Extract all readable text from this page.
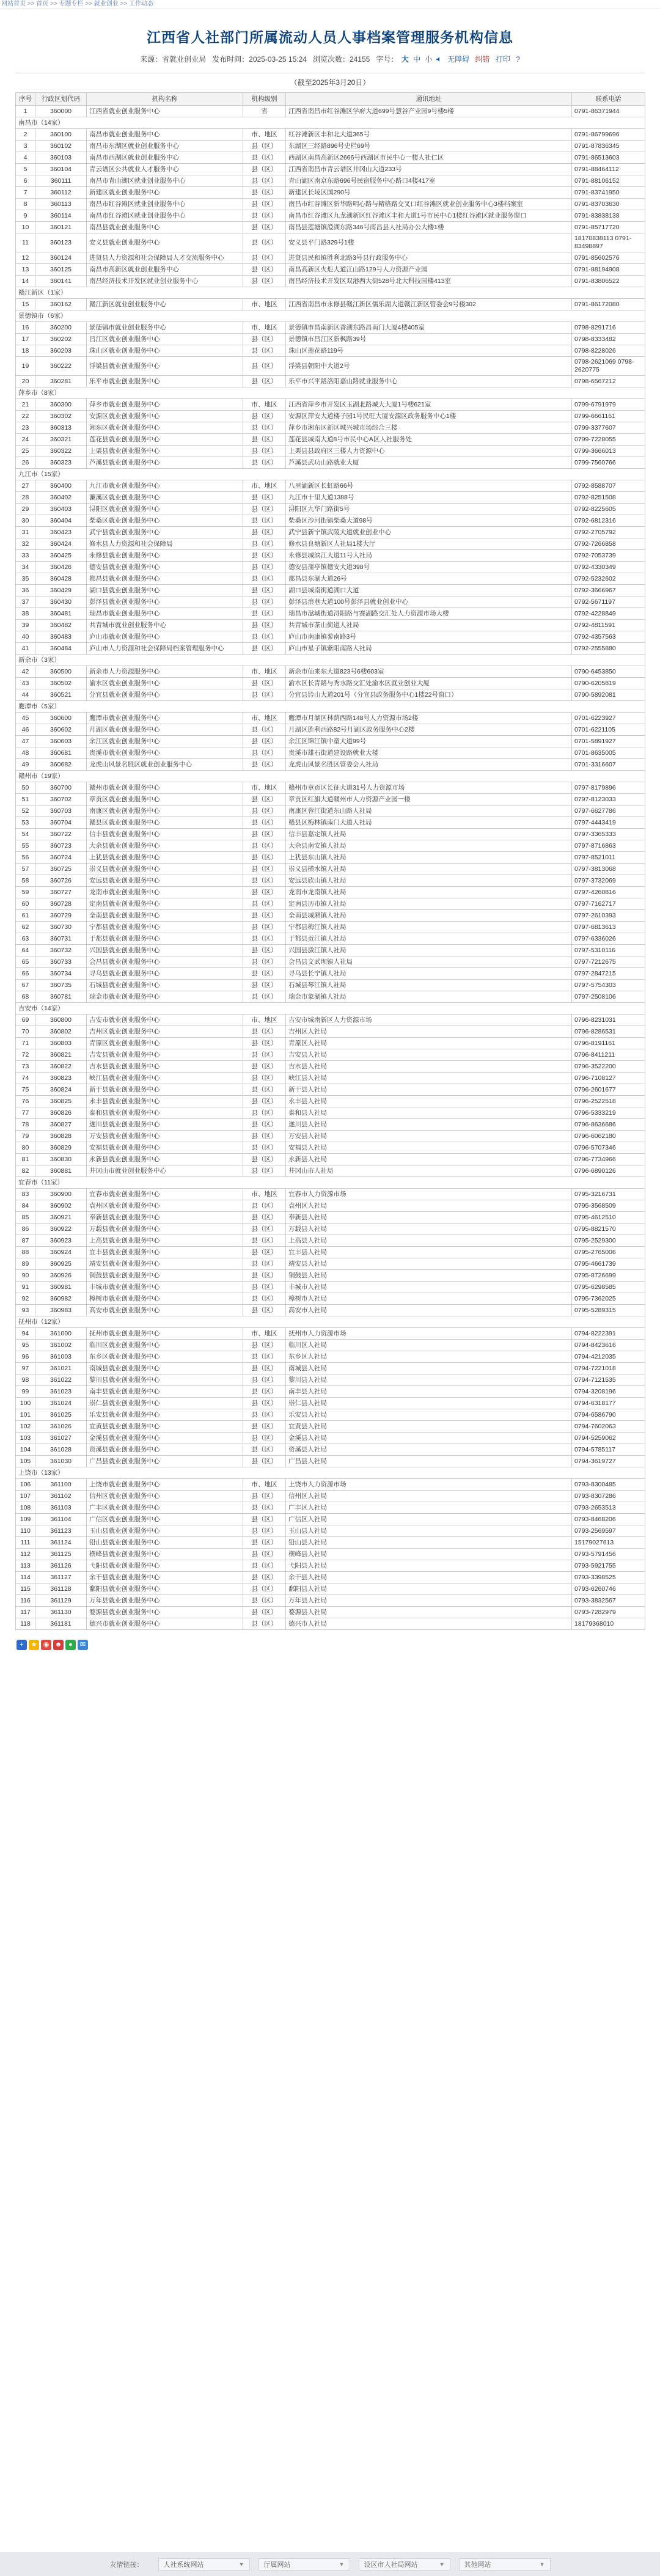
网站首页 >> 首页 >> 专题专栏 >> 就业创业 >> 工作动态
江西省人社部门所属流动人员人事档案管理服务机构信息
来源：省就业创业局 发布时间：2025-03-25 15:24 浏览次数：24155 字号： 大 中 小 无障碍 纠错 打印 ?
（截至2025年3月20日）
序号	行政区划代码	机构名称	机构级别	通讯地址	联系电话
1	360000	江西省就业创业服务中心	省	江西省南昌市红谷滩区学府大道699号慧谷产业园9号楼5楼	0791-86371944
南昌市（14家）					
2	360100	南昌市就业创业服务中心	市、地区	红谷滩新区丰和北大道365号	0791-86799696
3	360102	南昌市东湖区就业创业服务中心	县（区）	东湖区三经路896号史栏69号	0791-87836345
4	360103	南昌市西湖区就业创业服务中心	县（区）	西湖区南昌高新区2666号西湖区市民中心一楼人社仁区	0791-86513603
5	360104	青云谱区公共就业人才服务中心	县（区）	江西省南昌市青云谱区井冈山大道233号	0791-88464112
6	360111	南昌市青山湖区就业创业服务中心	县（区）	青山湖区南京东路696号民宿服务中心路口4楼417室	0791-88106152
7	360112	新建区就业创业服务中心	县（区）	新建区长堎区国290号	0791-83741950
8	360113	南昌市红谷滩区就业创业服务中心	县（区）	南昌市红谷滩区新华路明心路与精格路交叉口红谷滩区就业创业服务中心3楼档案室	0791-83703630
9	360114	南昌市红谷滩区就业创业服务中心	县（区）	南昌市红谷滩区九龙湖新区红谷滩区丰和大道1号市民中心1楼红谷滩区就业服务窗口	0791-83838138
10	360121	南昌县就业创业服务中心	县（区）	南昌县莲塘镇澄湖东路346号南昌县人社局办公大楼1楼	0791-85717720
11	360123	安义县就业创业服务中心	县（区）	安义县平门路329号1楼	18170838113 0791-83498897
12	360124	进贤县人力资源和社会保障局人才交流服务中心	县（区）	进贤县民和镇胜利北路3号县行政服务中心	0791-85602576
13	360125	南昌市高新区就业创业服务中心	县（区）	南昌高新区火炬大道江山路129号人力资源产业园	0791-88194908
14	360141	南昌经济技术开发区就业创业服务中心	县（区）	南昌经济技术开发区双港西大街528号北大科技园楼413室	0791-83806522
赣江新区（1家）					
15	360162	赣江新区就业创业服务中心	市、地区	江西省南昌市永修县赣江新区儒乐湖大道赣江新区管委会9号楼302	0791-86172080
景德镇市（6家）					
16	360200	景德镇市就业创业服务中心	市、地区	景德镇市昌南新区香湖东路昌南门大厦4楼405室	0798-8291716
17	360202	昌江区就业创业服务中心	县（区）	景德镇市昌江区新枫路39号	0798-8333482
18	360203	珠山区就业创业服务中心	县（区）	珠山区莲花路119号	0798-8228026
19	360222	浮梁县就业创业服务中心	县（区）	浮梁县朝阳中大道2号	0798-2621069 0798-2620775
20	360281	乐平市就业创业服务中心	县（区）	乐平市兴平路洛阳嘉山路就业服务中心	0798-6567212
萍乡市（8家）					
21	360300	萍乡市就业创业服务中心	市、地区	江西省萍乡市开发区玉湖北路城大大厦1号楼621室	0799-6791979
22	360302	安源区就业创业服务中心	县（区）	安源区萍安大道楼子园1号民旺大厦安源区政务服务中心1楼	0799-6661161
23	360313	湘东区就业创业服务中心	县（区）	萍乡市湘东区新区城兴城市场综合三楼	0799-3377607
24	360321	莲花县就业创业服务中心	县（区）	莲花县城南大道8号市民中心A区人社服务处	0799-7228055
25	360322	上栗县就业创业服务中心	县（区）	上栗县县政府区三楼人力资源中心	0799-3666013
26	360323	芦溪县就业创业服务中心	县（区）	芦溪县武功山路就业大厦	0799-7560766
九江市（15家）					
27	360400	九江市就业创业服务中心	市、地区	八里湖新区长虹路66号	0792-8588707
28	360402	濂溪区就业创业服务中心	县（区）	九江市十里大道1388号	0792-8251508
29	360403	浔阳区就业创业服务中心	县（区）	浔阳区九华门路街5号	0792-8225605
30	360404	柴桑区就业创业服务中心	县（区）	柴桑区沙河街镇柴桑大道98号	0792-6812316
31	360423	武宁县就业创业服务中心	县（区）	武宁县新宁镇武陵大道就业创业中心	0792-2705792
32	360424	修水县人力资源和社会保障局	县（区）	修水县良塘新区人社局1楼大厅	0792-7266858
33	360425	永修县就业创业服务中心	县（区）	永修县城滨江大道11号人社局	0792-7053739
34	360426	德安县就业创业服务中心	县（区）	德安县蒲亭镇德安大道398号	0792-4330349
35	360428	都昌县就业创业服务中心	县（区）	都昌县东湖大道26号	0792-5232602
36	360429	湖口县就业创业服务中心	县（区）	湖口县城南街道湖口大道	0792-3666967
37	360430	彭泽县就业创业服务中心	县（区）	彭泽县浪巷大道100号彭泽县就业创业中心	0792-5671197
38	360481	瑞昌市就业创业服务中心	县（区）	瑞昌市湓城街道浔阳路与赛湖路交汇处人力资源市场大楼	0792-4228849
39	360482	共青城市就业创业服务中心	县（区）	共青城市茶山街道人社局	0792-4811591
40	360483	庐山市就业创业服务中心	县（区）	庐山市南康镇蓼南路3号	0792-4357563
41	360484	庐山市人力资源和社会保障局档案管理服务中心	县（区）	庐山市星子镇紫阳南路人社局	0792-2555880
新余市（3家）					
42	360500	新余市人力资源服务中心	市、地区	新余市仙来东大道823号6楼603室	0790-6453850
43	360502	渝水区就业创业服务中心	县（区）	渝水区长青路与秀水路交汇处渝水区就业创业大厦	0790-6205819
44	360521	分宜县就业创业服务中心	县（区）	分宜县钤山大道201号（分宜县政务服务中心1楼22号窗口）	0790-5892081
鹰潭市（5家）					
45	360600	鹰潭市就业创业服务中心	市、地区	鹰潭市月湖区林荫西路148号人力资源市场2楼	0701-6223927
46	360602	月湖区就业创业服务中心	县（区）	月湖区胜利西路82号月湖区政务服务中心2楼	0701-6221105
47	360603	余江区就业创业服务中心	县（区）	余江区锦江镇中童大道99号	0701-5891927
48	360681	贵溪市就业创业服务中心	县（区）	贵溪市雄石街道建设路就业大楼	0701-8635005
49	360682	龙虎山风景名胜区就业创业服务中心	县（区）	龙虎山风景名胜区管委会人社局	0701-3316607
赣州市（19家）					
50	360700	赣州市就业创业服务中心	市、地区	赣州市章贡区长征大道31号人力资源市场	0797-8179896
51	360702	章贡区就业创业服务中心	县（区）	章贡区红旗大道赣州市人力资源产业园一楼	0797-8123033
52	360703	南康区就业创业服务中心	县（区）	南康区蓉江街道东山路人社局	0797-6627786
53	360704	赣县区就业创业服务中心	县（区）	赣县区梅林镇南门大道人社局	0797-4443419
54	360722	信丰县就业创业服务中心	县（区）	信丰县嘉定镇人社局	0797-3365333
55	360723	大余县就业创业服务中心	县（区）	大余县南安镇人社局	0797-8716863
56	360724	上犹县就业创业服务中心	县（区）	上犹县东山镇人社局	0797-8521011
57	360725	崇义县就业创业服务中心	县（区）	崇义县横水镇人社局	0797-3813068
58	360726	安远县就业创业服务中心	县（区）	安远县欣山镇人社局	0797-3732069
59	360727	龙南市就业创业服务中心	县（区）	龙南市龙南镇人社局	0797-4260816
60	360728	定南县就业创业服务中心	县（区）	定南县历市镇人社局	0797-7162717
61	360729	全南县就业创业服务中心	县（区）	全南县城厢镇人社局	0797-2610393
62	360730	宁都县就业创业服务中心	县（区）	宁都县梅江镇人社局	0797-6813613
63	360731	于都县就业创业服务中心	县（区）	于都县贡江镇人社局	0797-6336026
64	360732	兴国县就业创业服务中心	县（区）	兴国县潋江镇人社局	0797-5310116
65	360733	会昌县就业创业服务中心	县（区）	会昌县文武坝镇人社局	0797-7212675
66	360734	寻乌县就业创业服务中心	县（区）	寻乌县长宁镇人社局	0797-2847215
67	360735	石城县就业创业服务中心	县（区）	石城县琴江镇人社局	0797-5754303
68	360781	瑞金市就业创业服务中心	县（区）	瑞金市象湖镇人社局	0797-2508106
吉安市（14家）					
69	360800	吉安市就业创业服务中心	市、地区	吉安市城南新区人力资源市场	0796-8231031
70	360802	吉州区就业创业服务中心	县（区）	吉州区人社局	0796-8286531
71	360803	青原区就业创业服务中心	县（区）	青原区人社局	0796-8191161
72	360821	吉安县就业创业服务中心	县（区）	吉安县人社局	0796-8411211
73	360822	吉水县就业创业服务中心	县（区）	吉水县人社局	0796-3522200
74	360823	峡江县就业创业服务中心	县（区）	峡江县人社局	0796-7108127
75	360824	新干县就业创业服务中心	县（区）	新干县人社局	0796-2601677
76	360825	永丰县就业创业服务中心	县（区）	永丰县人社局	0796-2522518
77	360826	泰和县就业创业服务中心	县（区）	泰和县人社局	0796-5333219
78	360827	遂川县就业创业服务中心	县（区）	遂川县人社局	0796-8636686
79	360828	万安县就业创业服务中心	县（区）	万安县人社局	0796-6062180
80	360829	安福县就业创业服务中心	县（区）	安福县人社局	0796-5707346
81	360830	永新县就业创业服务中心	县（区）	永新县人社局	0796-7734966
82	360881	井冈山市就业创业服务中心	县（区）	井冈山市人社局	0796-6890126
宜春市（11家）					
83	360900	宜春市就业创业服务中心	市、地区	宜春市人力资源市场	0795-3216731
84	360902	袁州区就业创业服务中心	县（区）	袁州区人社局	0795-3568509
85	360921	奉新县就业创业服务中心	县（区）	奉新县人社局	0795-4612510
86	360922	万载县就业创业服务中心	县（区）	万载县人社局	0795-8821570
87	360923	上高县就业创业服务中心	县（区）	上高县人社局	0795-2529300
88	360924	宜丰县就业创业服务中心	县（区）	宜丰县人社局	0795-2765006
89	360925	靖安县就业创业服务中心	县（区）	靖安县人社局	0795-4661739
90	360926	铜鼓县就业创业服务中心	县（区）	铜鼓县人社局	0795-8726699
91	360981	丰城市就业创业服务中心	县（区）	丰城市人社局	0795-6298585
92	360982	樟树市就业创业服务中心	县（区）	樟树市人社局	0795-7362025
93	360983	高安市就业创业服务中心	县（区）	高安市人社局	0795-5289315
抚州市（12家）					
94	361000	抚州市就业创业服务中心	市、地区	抚州市人力资源市场	0794-8222391
95	361002	临川区就业创业服务中心	县（区）	临川区人社局	0794-8423616
96	361003	东乡区就业创业服务中心	县（区）	东乡区人社局	0794-4212035
97	361021	南城县就业创业服务中心	县（区）	南城县人社局	0794-7221018
98	361022	黎川县就业创业服务中心	县（区）	黎川县人社局	0794-7121535
99	361023	南丰县就业创业服务中心	县（区）	南丰县人社局	0794-3208196
100	361024	崇仁县就业创业服务中心	县（区）	崇仁县人社局	0794-6318177
101	361025	乐安县就业创业服务中心	县（区）	乐安县人社局	0794-6586790
102	361026	宜黄县就业创业服务中心	县（区）	宜黄县人社局	0794-7602063
103	361027	金溪县就业创业服务中心	县（区）	金溪县人社局	0794-5259062
104	361028	资溪县就业创业服务中心	县（区）	资溪县人社局	0794-5785117
105	361030	广昌县就业创业服务中心	县（区）	广昌县人社局	0794-3619727
上饶市（13家）					
106	361100	上饶市就业创业服务中心	市、地区	上饶市人力资源市场	0793-8300485
107	361102	信州区就业创业服务中心	县（区）	信州区人社局	0793-8307286
108	361103	广丰区就业创业服务中心	县（区）	广丰区人社局	0793-2653513
109	361104	广信区就业创业服务中心	县（区）	广信区人社局	0793-8468206
110	361123	玉山县就业创业服务中心	县（区）	玉山县人社局	0793-2569597
111	361124	铅山县就业创业服务中心	县（区）	铅山县人社局	15179027613
112	361125	横峰县就业创业服务中心	县（区）	横峰县人社局	0793-5791456
113	361126	弋阳县就业创业服务中心	县（区）	弋阳县人社局	0793-5921755
114	361127	余干县就业创业服务中心	县（区）	余干县人社局	0793-3398525
115	361128	鄱阳县就业创业服务中心	县（区）	鄱阳县人社局	0793-6260746
116	361129	万年县就业创业服务中心	县（区）	万年县人社局	0793-3832567
117	361130	婺源县就业创业服务中心	县（区）	婺源县人社局	0793-7282979
118	361181	德兴市就业创业服务中心	县（区）	德兴市人社局	18179368010
+	★ ◉ ☻ ●	✉
友情链接：	人社系统网站	▼	厅属网站	▼	设区市人社局网站	▼	其他网站	▼
